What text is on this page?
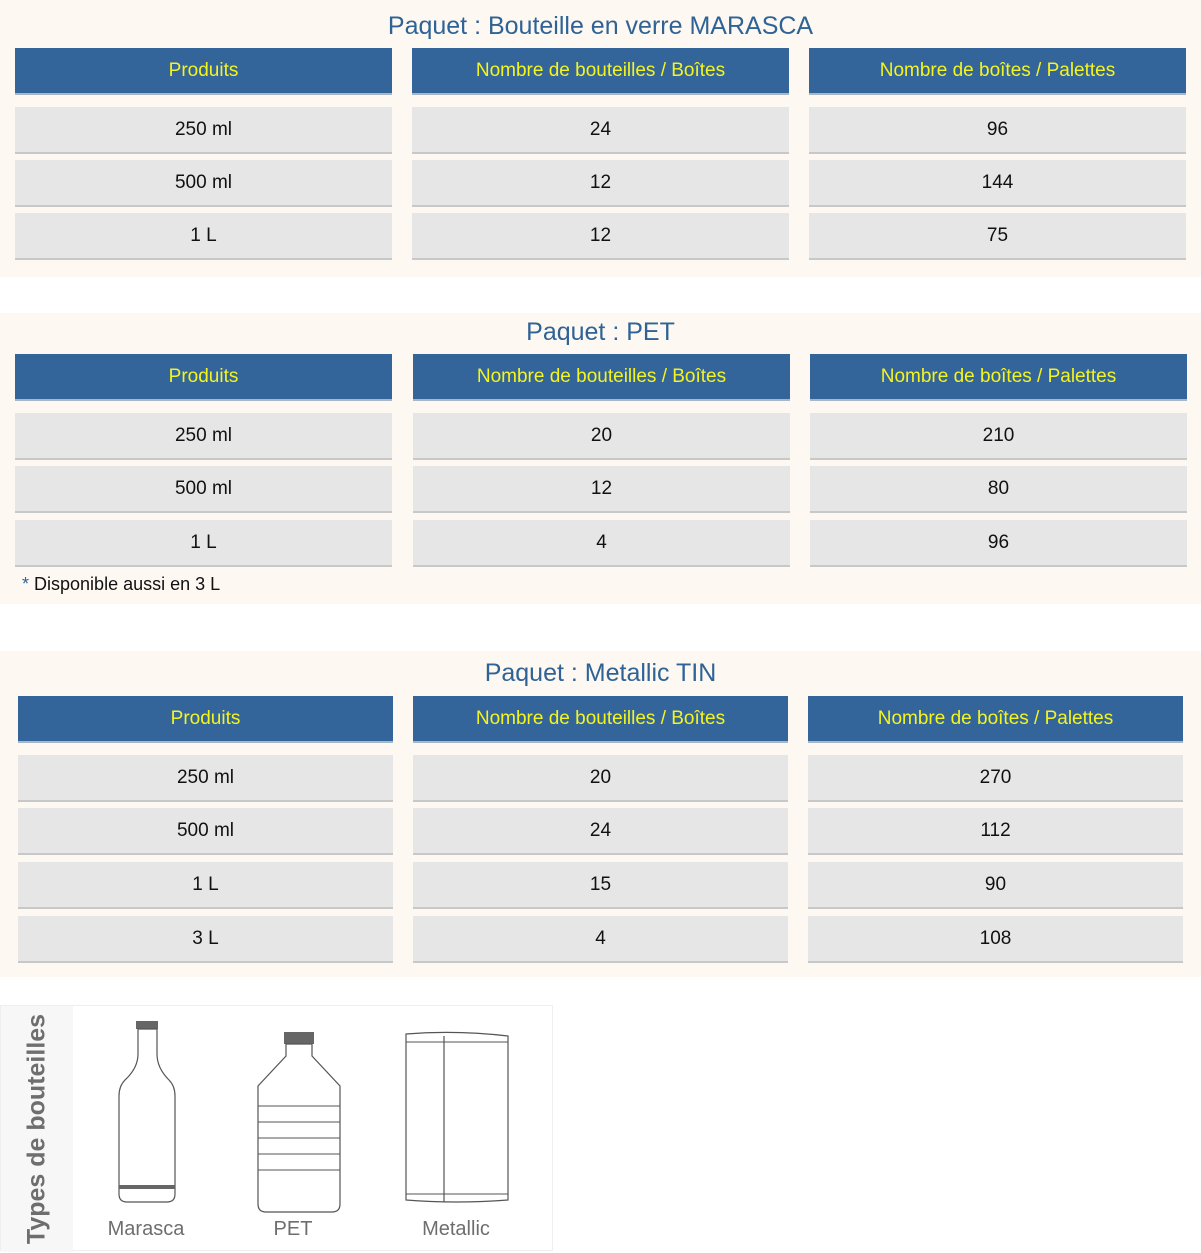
Paquet : Bouteille en verre MARASCA
Produits	Nombre de bouteilles / Boîtes	Nombre de boîtes / Palettes
250 ml	24	96
500 ml	12	144
1 L	12	75
Paquet : PET
Produits	Nombre de bouteilles / Boîtes	Nombre de boîtes / Palettes
250 ml	20	210
500 ml	12	80
1 L	4	96
* Disponible aussi en 3 L
Paquet : Metallic TIN
Produits	Nombre de bouteilles / Boîtes	Nombre de boîtes / Palettes
250 ml	20	270
500 ml	24	112
1 L	15	90
3 L	4	108
Types de bouteilles	Marasca	PET	Metallic
